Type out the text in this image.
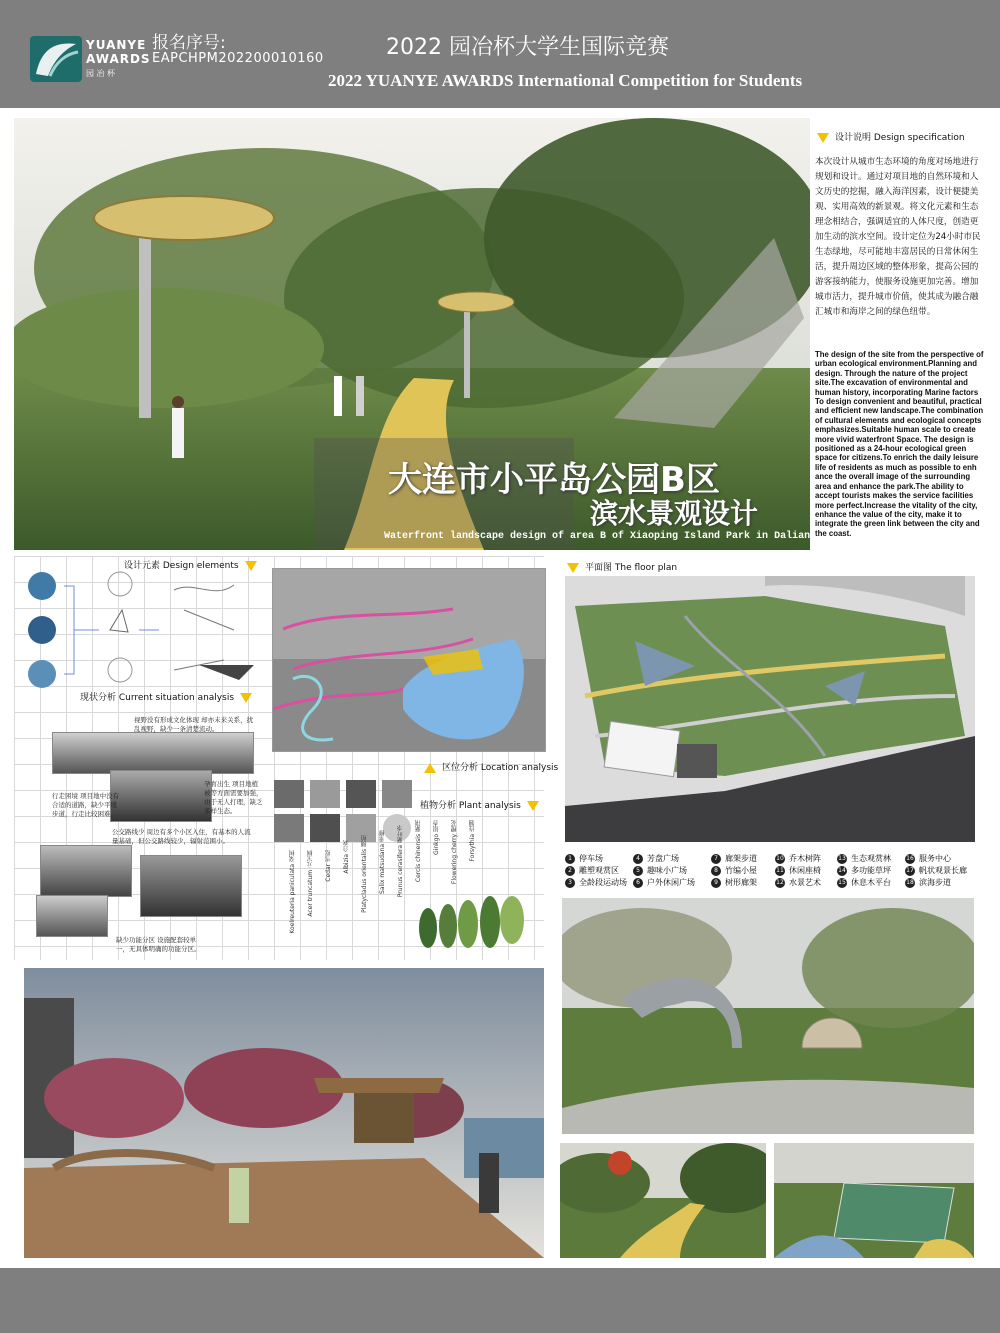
YUANYE
AWARDS
园 冶 杯
报名序号:
EAPCHPM202200010160	2022 园冶杯大学生国际竞赛
2022 YUANYE AWARDS International Competition for Students
大连市小平岛公园B区
滨水景观设计
Waterfront landscape design of area B of Xiaoping Island Park in Dalian
设计说明 Design specification
本次设计从城市生态环境的角度对场地进行规划和设计。通过对项目地的自然环境和人文历史的挖掘，融入海洋因素，设计便捷美观、实用高效的新景观。将文化元素和生态理念相结合，强调适宜的人体尺度，创造更加生动的滨水空间。设计定位为24小时市民生态绿地，尽可能地丰富居民的日常休闲生活，提升周边区域的整体形象，提高公园的游客接纳能力，使服务设施更加完善。增加城市活力，提升城市价值，使其成为融合融汇城市和海岸之间的绿色纽带。
The design of the site from the perspective of urban ecological environment.Planning and design. Through the nature of the project site.The excavation of environmental and human history, incorporating Marine factors To design convenient and beautiful, practical and efficient new landscape.The combination of cultural elements and ecological concepts emphasizes.Suitable human scale to create more vivid waterfront Space. The design is positioned as a 24-hour ecological green space for citizens.To enrich the daily leisure life of residents as much as possible to enh ance the overall image of the surrounding area and enhance the park.The ability to accept tourists makes the service facilities more perfect.Increase the vitality of the city, enhance the value of the city, make it to integrate the green link between the city and the coast.
设计元素 Design elements
现状分析 Current situation analysis
视野没有形成文化体现 却亦未来关系，扰乱视野，缺少一条清楚流动。
行走困境 项目地中没有合适的道路，缺少平缓步道，行走比较困难。
孕育出生 项目地植被等方面需要加强，由于无人打理，缺乏多样生态。
公交路线少 周边有多个小区入住，有基本的人流量基础，但公交路线较少，辐射范围小。
缺少功能分区 设施配套较单一，无具体明确的功能分区。
区位分析 Location analysis
植物分析 Plant analysis
Koelreuteria paniculata 栾树 Acer truncatum 元宝枫 Cedar 雪松 Albizia 合欢 Platycladus orientalis 侧柏 Salix matsudana 垂柳 Prunus cerasifera 紫叶李 Cercis chinensis 紫荆 Ginkgo 银杏 Flowering cherry 樱花 Forsythia 连翘
平面图 The floor plan
1 停车场
2 雕塑观赏区
3 全龄段运动场
4 芳盘广场
5 趣味小广场
6 户外休闲广场
7 廊架步道
8 竹编小屋
9 树形廊架
10 乔木树阵
11 休闲座椅
12 水景艺术
13 生态观赏林
14 多功能草坪
15 休息木平台
16 服务中心
17 帆状观景长廊
18 滨海步道
